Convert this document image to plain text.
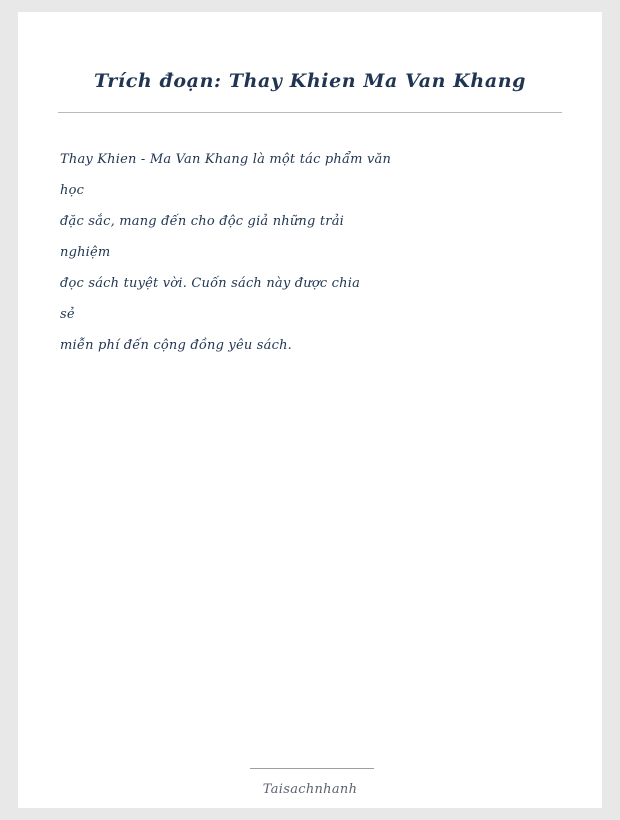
Trích đoạn: Thay Khien Ma Van Khang
Thay Khien - Ma Van Khang là một tác phẩm văn
học
đặc sắc, mang đến cho độc giả những trải
nghiệm
đọc sách tuyệt vời. Cuốn sách này được chia
sẻ
miễn phí đến cộng đồng yêu sách.
Taisachnhanh
